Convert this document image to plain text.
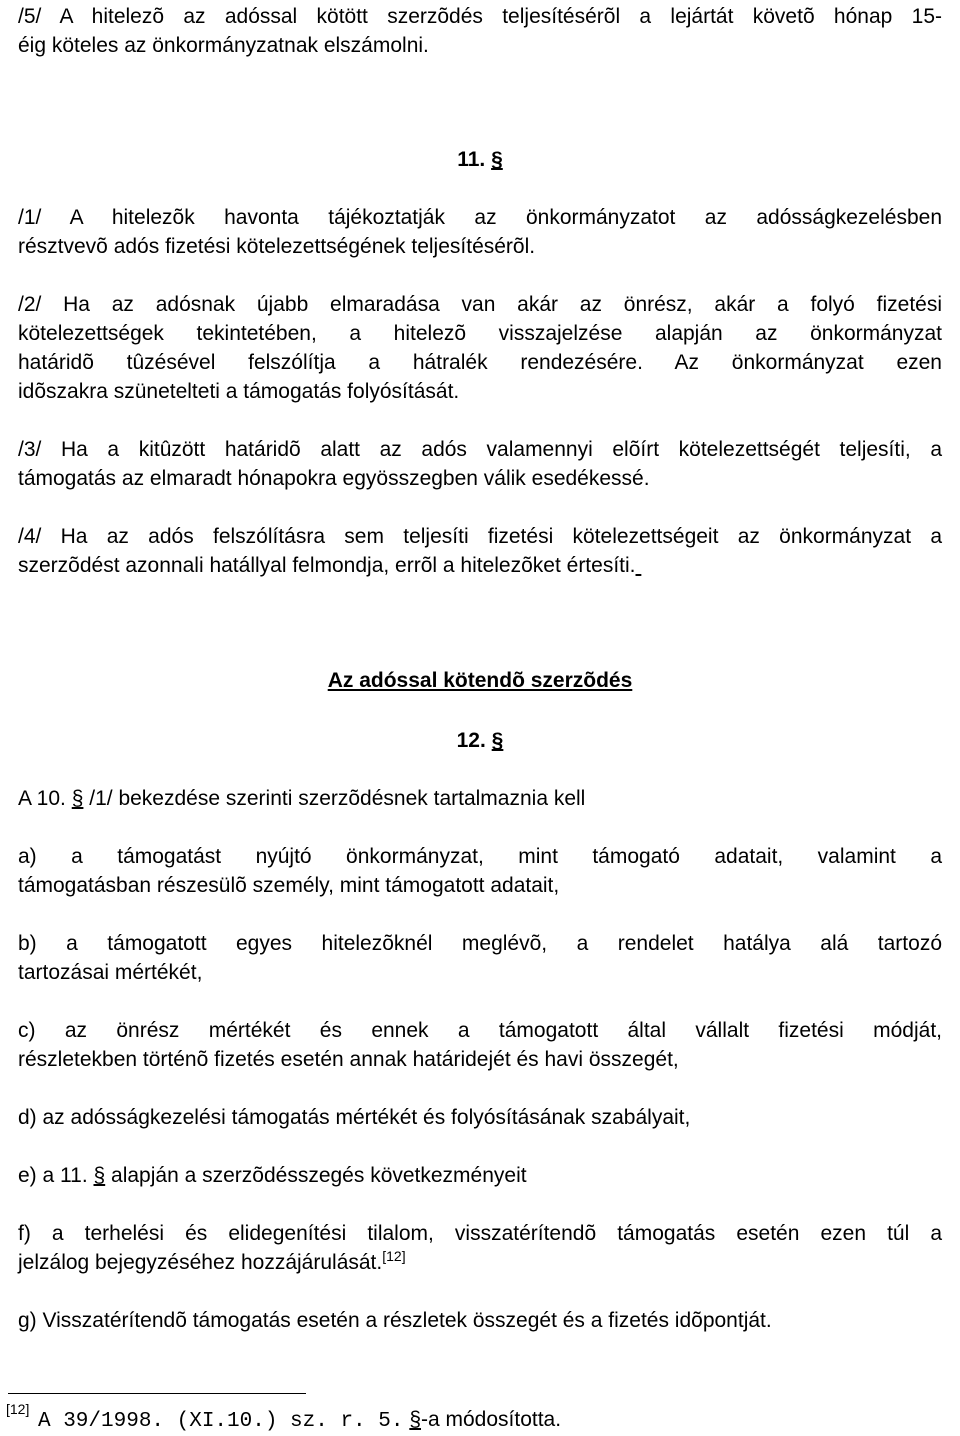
/5/ A hitelezõ az adóssal kötött szerzõdés teljesítésérõl a lejártát követõ hónap 15-
éig köteles az önkormányzatnak elszámolni.
11. §
/1/ A hitelezõk havonta tájékoztatják az önkormányzatot az adósságkezelésben
résztvevõ adós fizetési kötelezettségének teljesítésérõl.
/2/ Ha az adósnak újabb elmaradása van akár az önrész, akár a folyó fizetési
kötelezettségek tekintetében, a hitelezõ visszajelzése alapján az önkormányzat
határidõ tûzésével felszólítja a hátralék rendezésére. Az önkormányzat ezen
idõszakra szünetelteti a támogatás folyósítását.
/3/ Ha a kitûzött határidõ alatt az adós valamennyi elõírt kötelezettségét teljesíti, a
támogatás az elmaradt hónapokra egyösszegben válik esedékessé.
/4/ Ha az adós felszólításra sem teljesíti fizetési kötelezettségeit az önkormányzat a
szerzõdést azonnali hatállyal felmondja, errõl a hitelezõket értesíti.
Az adóssal kötendõ szerzõdés
12. §
A 10. § /1/ bekezdése szerinti szerzõdésnek tartalmaznia kell
a) a támogatást nyújtó önkormányzat, mint támogató adatait, valamint a
támogatásban részesülõ személy, mint támogatott adatait,
b) a támogatott egyes hitelezõknél meglévõ, a rendelet hatálya alá tartozó
tartozásai mértékét,
c) az önrész mértékét és ennek a támogatott által vállalt fizetési módját,
részletekben történõ fizetés esetén annak határidejét és havi összegét,
d) az adósságkezelési támogatás mértékét és folyósításának szabályait,
e) a 11. § alapján a szerzõdésszegés következményeit
f) a terhelési és elidegenítési tilalom, visszatérítendõ támogatás esetén ezen túl a
jelzálog bejegyzéséhez hozzájárulását.[12]
g) Visszatérítendõ támogatás esetén a részletek összegét és a fizetés idõpontját.
[12]
A 39/1998. (XI.10.) sz. r. 5. §-a módosította.
